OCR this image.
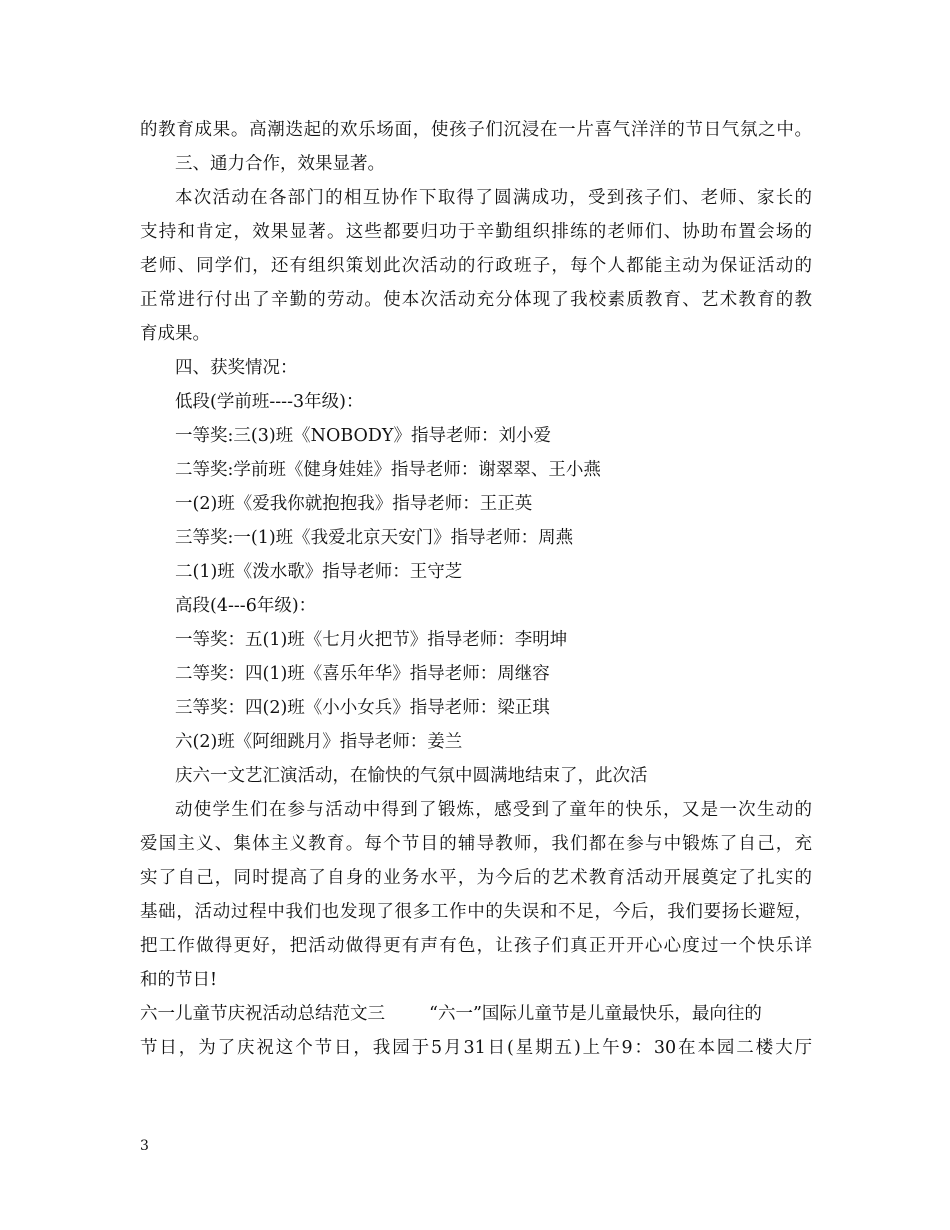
的教育成果。高潮迭起的欢乐场面，使孩子们沉浸在一片喜气洋洋的节日气氛之中。
三、通力合作，效果显著。
本次活动在各部门的相互协作下取得了圆满成功，受到孩子们、老师、家长的
支持和肯定，效果显著。这些都要归功于辛勤组织排练的老师们、协助布置会场的
老师、同学们，还有组织策划此次活动的行政班子，每个人都能主动为保证活动的
正常进行付出了辛勤的劳动。使本次活动充分体现了我校素质教育、艺术教育的教
育成果。
四、获奖情况：
低段(学前班----3年级)：
一等奖:三(3)班《NOBODY》指导老师：刘小爱
二等奖:学前班《健身娃娃》指导老师：谢翠翠、王小燕
一(2)班《爱我你就抱抱我》指导老师：王正英
三等奖:一(1)班《我爱北京天安门》指导老师：周燕
二(1)班《泼水歌》指导老师：王守芝
高段(4---6年级)：
一等奖：五(1)班《七月火把节》指导老师：李明坤
二等奖：四(1)班《喜乐年华》指导老师：周继容
三等奖：四(2)班《小小女兵》指导老师：梁正琪
六(2)班《阿细跳月》指导老师：姜兰
庆六一文艺汇演活动，在愉快的气氛中圆满地结束了，此次活
动使学生们在参与活动中得到了锻炼，感受到了童年的快乐，又是一次生动的
爱国主义、集体主义教育。每个节目的辅导教师，我们都在参与中锻炼了自己，充
实了自己，同时提高了自身的业务水平，为今后的艺术教育活动开展奠定了扎实的
基础，活动过程中我们也发现了很多工作中的失误和不足，今后，我们要扬长避短，
把工作做得更好，把活动做得更有声有色，让孩子们真正开开心心度过一个快乐详
和的节日!
六一儿童节庆祝活动总结范文三	“六一”国际儿童节是儿童最快乐，最向往的
节日，为了庆祝这个节日，我园于5月31日(星期五)上午9：30在本园二楼大厅
3
